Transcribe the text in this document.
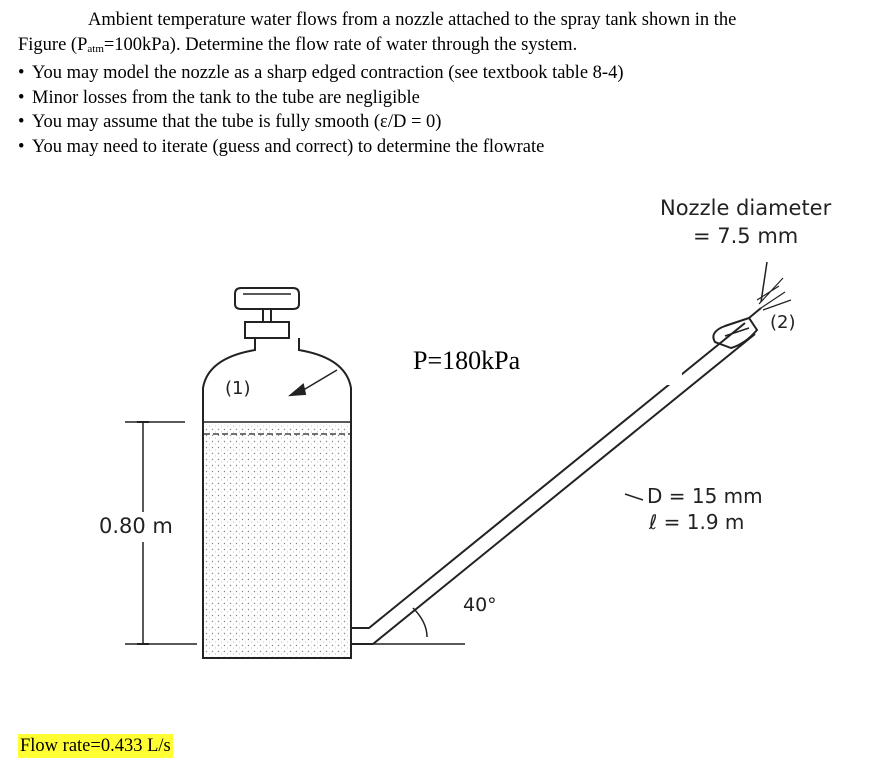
Ambient temperature water flows from a nozzle attached to the spray tank shown in the

Figure $(P_{atm}=100kPa)$. Determine the flow rate of water through the system.

• You may model the nozzle as a sharp edged contraction (see textbook table 8-4)
• Minor losses from the tank to the tube are negligible
• You may assume that the tube is fully smooth (ε/D = 0)
• You may need to iterate (guess and correct) to determine the flowrate
Nozzle diameter
= 7.5 mm
(2)
(1)
P=180kPa
0.80 m
D = 15 mm
ℓ = 1.9 m
40°
Flow rate=0.433 L/s
